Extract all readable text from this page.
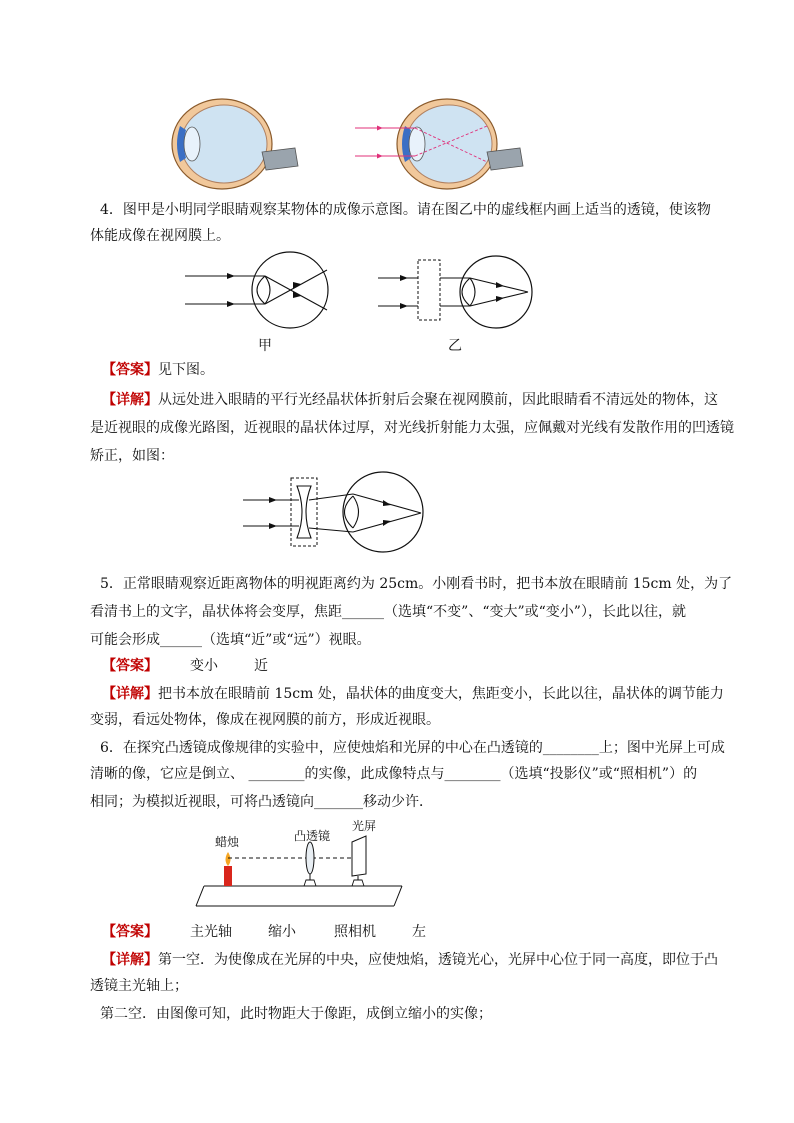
4．图甲是小明同学眼睛观察某物体的成像示意图。请在图乙中的虚线框内画上适当的透镜，使该物
体能成像在视网膜上。
甲	乙
【答案】见下图。
【详解】从远处进入眼睛的平行光经晶状体折射后会聚在视网膜前，因此眼睛看不清远处的物体，这
是近视眼的成像光路图，近视眼的晶状体过厚，对光线折射能力太强，应佩戴对光线有发散作用的凹透镜
矫正，如图：
5．正常眼睛观察近距离物体的明视距离约为 25cm。小刚看书时，把书本放在眼睛前 15cm 处，为了
看清书上的文字，晶状体将会变厚，焦距______（选填“不变”、“变大”或“变小”），长此以往，就
可能会形成______（选填“近”或“远”）视眼。
【答案】 变小	近
【详解】把书本放在眼睛前 15cm 处，晶状体的曲度变大，焦距变小，长此以往，晶状体的调节能力
变弱，看远处物体，像成在视网膜的前方，形成近视眼。
6．在探究凸透镜成像规律的实验中，应使烛焰和光屏的中心在凸透镜的________上；图中光屏上可成
清晰的像，它应是倒立、 ________的实像，此成像特点与________（选填“投影仪”或“照相机”）的
相同；为模拟近视眼，可将凸透镜向_______移动少许．
蜡烛	凸透镜
光屏
【答案】 主光轴	缩小	照相机	左
【详解】第一空．为使像成在光屏的中央，应使烛焰，透镜光心，光屏中心位于同一高度，即位于凸
透镜主光轴上；
第二空．由图像可知，此时物距大于像距，成倒立缩小的实像；
